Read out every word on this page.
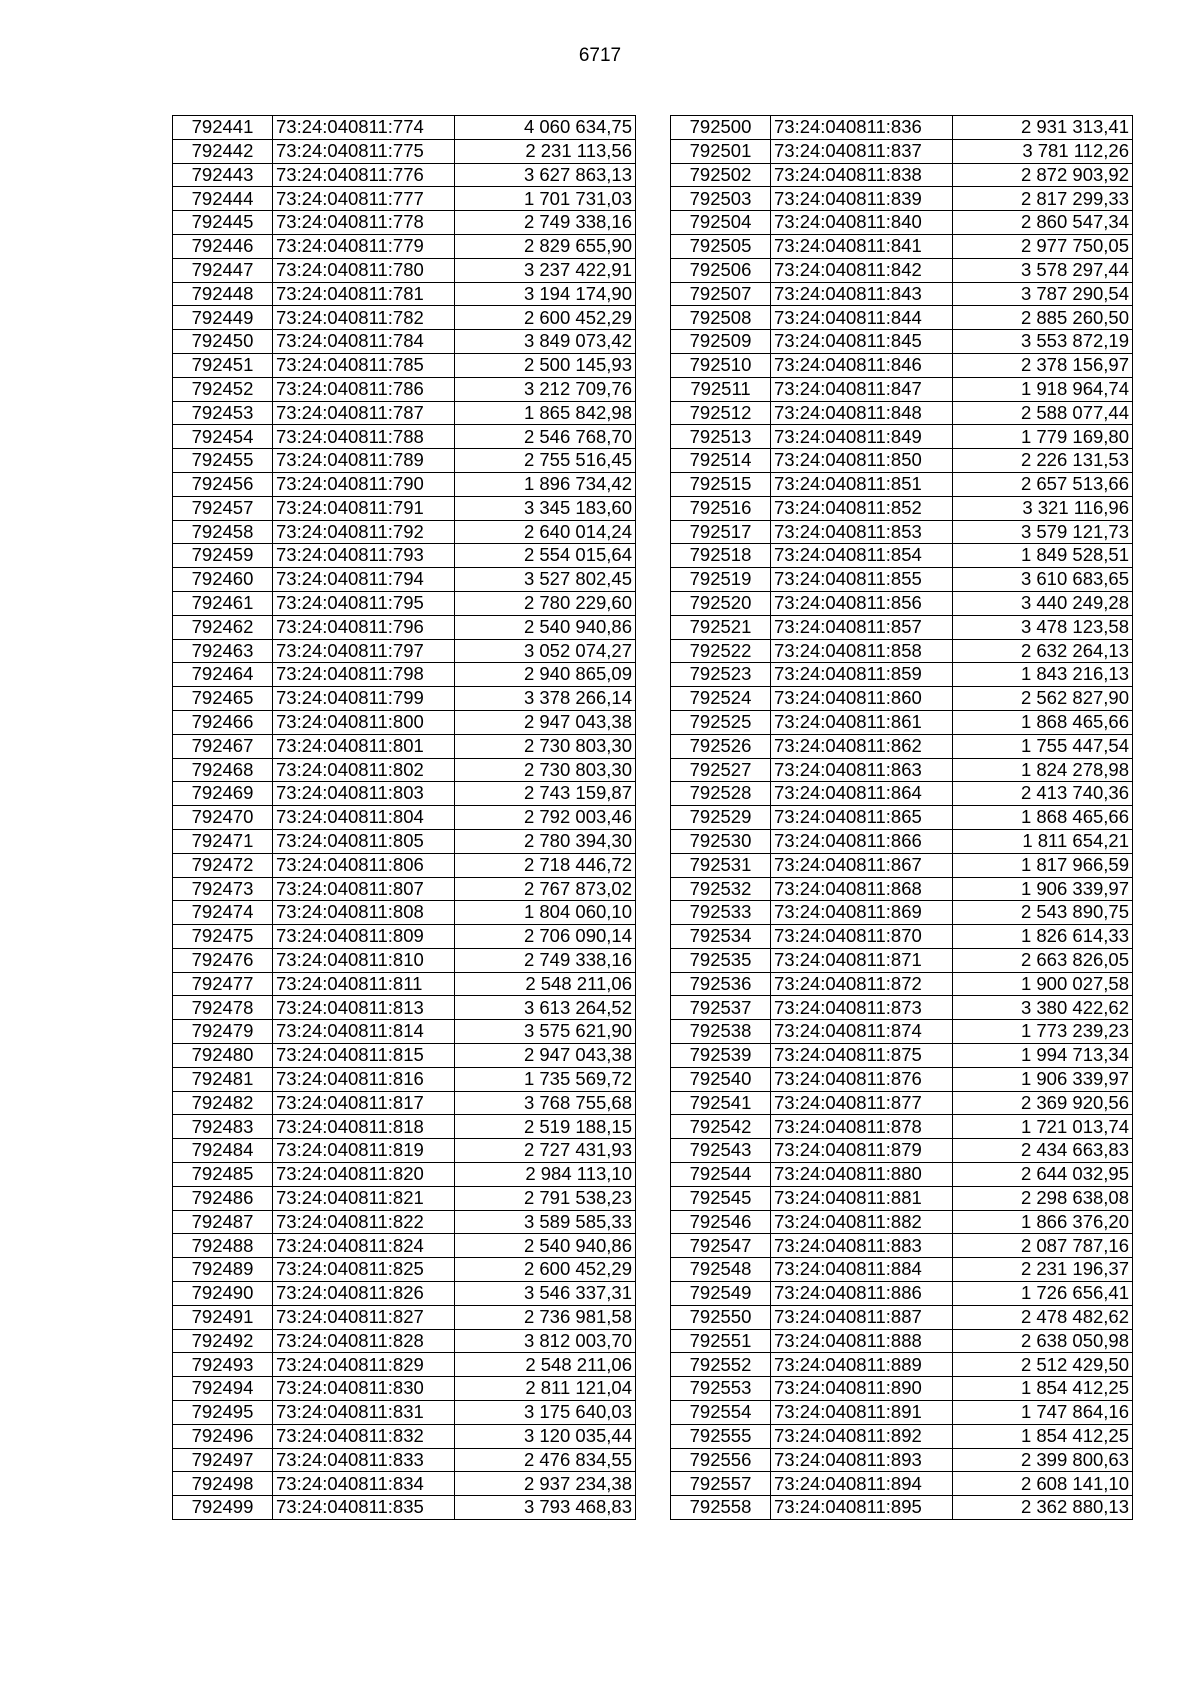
6717
792441	73:24:040811:774	4 060 634,75
792442	73:24:040811:775	2 231 113,56
792443	73:24:040811:776	3 627 863,13
792444	73:24:040811:777	1 701 731,03
792445	73:24:040811:778	2 749 338,16
792446	73:24:040811:779	2 829 655,90
792447	73:24:040811:780	3 237 422,91
792448	73:24:040811:781	3 194 174,90
792449	73:24:040811:782	2 600 452,29
792450	73:24:040811:784	3 849 073,42
792451	73:24:040811:785	2 500 145,93
792452	73:24:040811:786	3 212 709,76
792453	73:24:040811:787	1 865 842,98
792454	73:24:040811:788	2 546 768,70
792455	73:24:040811:789	2 755 516,45
792456	73:24:040811:790	1 896 734,42
792457	73:24:040811:791	3 345 183,60
792458	73:24:040811:792	2 640 014,24
792459	73:24:040811:793	2 554 015,64
792460	73:24:040811:794	3 527 802,45
792461	73:24:040811:795	2 780 229,60
792462	73:24:040811:796	2 540 940,86
792463	73:24:040811:797	3 052 074,27
792464	73:24:040811:798	2 940 865,09
792465	73:24:040811:799	3 378 266,14
792466	73:24:040811:800	2 947 043,38
792467	73:24:040811:801	2 730 803,30
792468	73:24:040811:802	2 730 803,30
792469	73:24:040811:803	2 743 159,87
792470	73:24:040811:804	2 792 003,46
792471	73:24:040811:805	2 780 394,30
792472	73:24:040811:806	2 718 446,72
792473	73:24:040811:807	2 767 873,02
792474	73:24:040811:808	1 804 060,10
792475	73:24:040811:809	2 706 090,14
792476	73:24:040811:810	2 749 338,16
792477	73:24:040811:811	2 548 211,06
792478	73:24:040811:813	3 613 264,52
792479	73:24:040811:814	3 575 621,90
792480	73:24:040811:815	2 947 043,38
792481	73:24:040811:816	1 735 569,72
792482	73:24:040811:817	3 768 755,68
792483	73:24:040811:818	2 519 188,15
792484	73:24:040811:819	2 727 431,93
792485	73:24:040811:820	2 984 113,10
792486	73:24:040811:821	2 791 538,23
792487	73:24:040811:822	3 589 585,33
792488	73:24:040811:824	2 540 940,86
792489	73:24:040811:825	2 600 452,29
792490	73:24:040811:826	3 546 337,31
792491	73:24:040811:827	2 736 981,58
792492	73:24:040811:828	3 812 003,70
792493	73:24:040811:829	2 548 211,06
792494	73:24:040811:830	2 811 121,04
792495	73:24:040811:831	3 175 640,03
792496	73:24:040811:832	3 120 035,44
792497	73:24:040811:833	2 476 834,55
792498	73:24:040811:834	2 937 234,38
792499	73:24:040811:835	3 793 468,83
792500	73:24:040811:836	2 931 313,41
792501	73:24:040811:837	3 781 112,26
792502	73:24:040811:838	2 872 903,92
792503	73:24:040811:839	2 817 299,33
792504	73:24:040811:840	2 860 547,34
792505	73:24:040811:841	2 977 750,05
792506	73:24:040811:842	3 578 297,44
792507	73:24:040811:843	3 787 290,54
792508	73:24:040811:844	2 885 260,50
792509	73:24:040811:845	3 553 872,19
792510	73:24:040811:846	2 378 156,97
792511	73:24:040811:847	1 918 964,74
792512	73:24:040811:848	2 588 077,44
792513	73:24:040811:849	1 779 169,80
792514	73:24:040811:850	2 226 131,53
792515	73:24:040811:851	2 657 513,66
792516	73:24:040811:852	3 321 116,96
792517	73:24:040811:853	3 579 121,73
792518	73:24:040811:854	1 849 528,51
792519	73:24:040811:855	3 610 683,65
792520	73:24:040811:856	3 440 249,28
792521	73:24:040811:857	3 478 123,58
792522	73:24:040811:858	2 632 264,13
792523	73:24:040811:859	1 843 216,13
792524	73:24:040811:860	2 562 827,90
792525	73:24:040811:861	1 868 465,66
792526	73:24:040811:862	1 755 447,54
792527	73:24:040811:863	1 824 278,98
792528	73:24:040811:864	2 413 740,36
792529	73:24:040811:865	1 868 465,66
792530	73:24:040811:866	1 811 654,21
792531	73:24:040811:867	1 817 966,59
792532	73:24:040811:868	1 906 339,97
792533	73:24:040811:869	2 543 890,75
792534	73:24:040811:870	1 826 614,33
792535	73:24:040811:871	2 663 826,05
792536	73:24:040811:872	1 900 027,58
792537	73:24:040811:873	3 380 422,62
792538	73:24:040811:874	1 773 239,23
792539	73:24:040811:875	1 994 713,34
792540	73:24:040811:876	1 906 339,97
792541	73:24:040811:877	2 369 920,56
792542	73:24:040811:878	1 721 013,74
792543	73:24:040811:879	2 434 663,83
792544	73:24:040811:880	2 644 032,95
792545	73:24:040811:881	2 298 638,08
792546	73:24:040811:882	1 866 376,20
792547	73:24:040811:883	2 087 787,16
792548	73:24:040811:884	2 231 196,37
792549	73:24:040811:886	1 726 656,41
792550	73:24:040811:887	2 478 482,62
792551	73:24:040811:888	2 638 050,98
792552	73:24:040811:889	2 512 429,50
792553	73:24:040811:890	1 854 412,25
792554	73:24:040811:891	1 747 864,16
792555	73:24:040811:892	1 854 412,25
792556	73:24:040811:893	2 399 800,63
792557	73:24:040811:894	2 608 141,10
792558	73:24:040811:895	2 362 880,13
